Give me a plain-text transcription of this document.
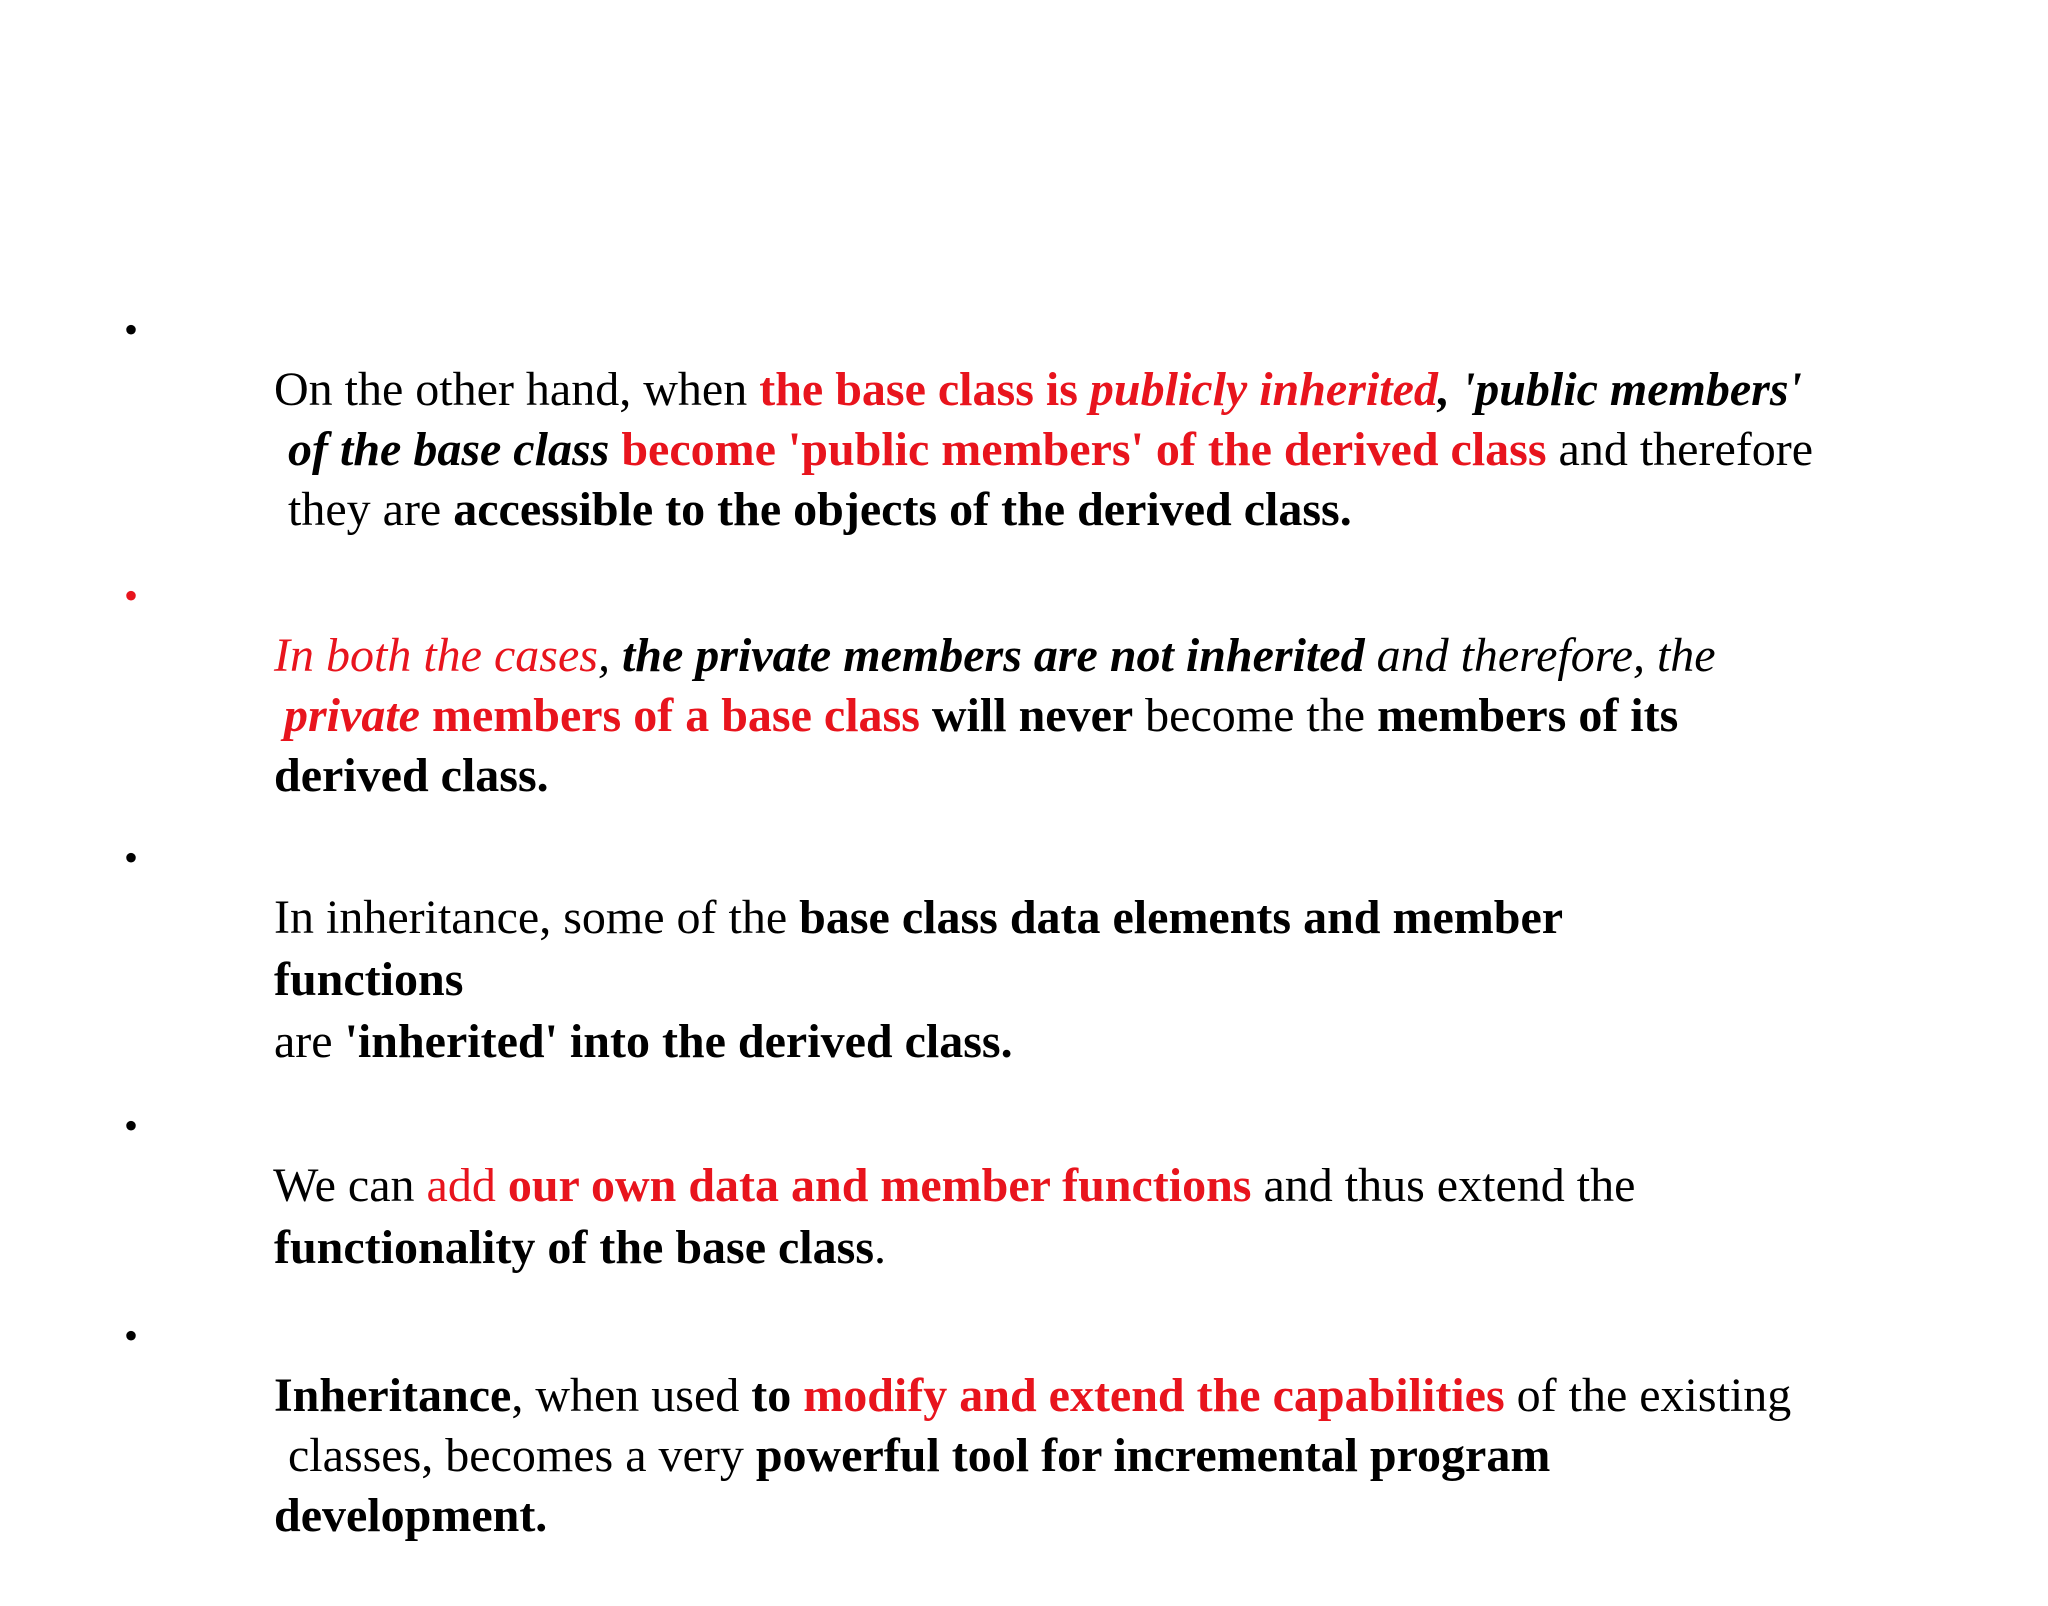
•

On the other hand, when the base class is publicly inherited, 'public members'

of the base class become 'public members' of the derived class and therefore

they are accessible to the objects of the derived class.

•

In both the cases, the private members are not inherited and therefore, the

private members of a base class will never become the members of its

derived class.

•

In inheritance, some of the base class data elements and member

functions

are 'inherited' into the derived class.

•

We can add our own data and member functions and thus extend the

functionality of the base class.

•

Inheritance, when used to modify and extend the capabilities of the existing

classes, becomes a very powerful tool for incremental program

development.
